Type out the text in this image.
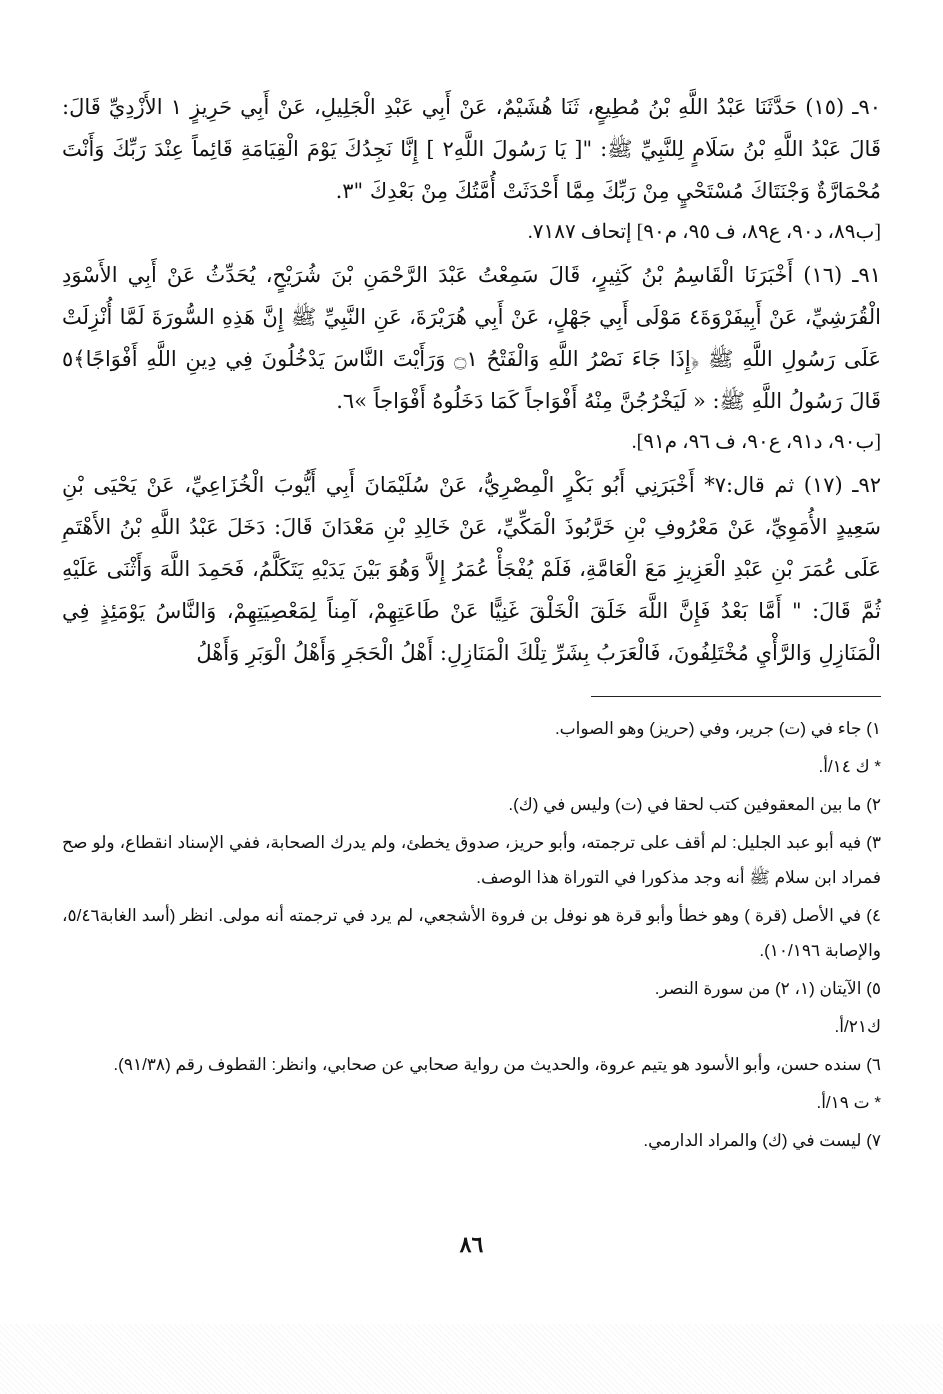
٩٠ـ (١٥) حَدَّثَنَا عَبْدُ اللَّهِ بْنُ مُطِيعٍ، ثَنَا هُشَيْمٌ، عَنْ أَبِي عَبْدِ الْجَلِيلِ، عَنْ أَبِي حَرِيزٍ ١ الأَزْدِيِّ قَالَ: قَالَ عَبْدُ اللَّهِ بْنُ سَلَامٍ لِلنَّبِيِّ ﷺ: "[ يَا رَسُولَ اللَّهِ٢ ] إِنَّا نَجِدُكَ يَوْمَ الْقِيَامَةِ قَائِماً عِنْدَ رَبِّكَ وَأَنْتَ مُحْمَارَّةٌ وَجْنَتَاكَ مُسْتَحْيٍ مِنْ رَبِّكَ مِمَّا أَحْدَثَتْ أُمَّتُكَ مِنْ بَعْدِكَ "٣.

[ب٨٩، د٩٠، ع٨٩، ف ٩٥، م٩٠] إتحاف ٧١٨٧.

٩١ـ (١٦) أَخْبَرَنَا الْقَاسِمُ بْنُ كَثِيرٍ، قَالَ سَمِعْتُ عَبْدَ الرَّحْمَنِ بْنَ شُرَيْحٍ، يُحَدِّثُ عَنْ أَبِي الأَسْوَدِ الْقُرَشِيِّ، عَنْ أَبِيفَرْوَةَ٤ مَوْلَى أَبِي جَهْلٍ، عَنْ أَبِي هُرَيْرَةَ، عَنِ النَّبِيِّ ﷺ إِنَّ هَذِهِ السُّورَةَ لَمَّا أُنْزِلَتْ عَلَى رَسُولِ اللَّهِ ﷺ ﴿إِذَا جَاءَ نَصْرُ اللَّهِ وَالْفَتْحُ ۝١ وَرَأَيْتَ النَّاسَ يَدْخُلُونَ فِي دِينِ اللَّهِ أَفْوَاجًا﴾٥ قَالَ رَسُولُ اللَّهِ ﷺ: « لَيَخْرُجُنَّ مِنْهُ أَفْوَاجاً كَمَا دَخَلُوهُ أَفْوَاجاً »٦.

[ب٩٠، د٩١، ع٩٠، ف ٩٦، م٩١].

٩٢ـ (١٧) ثم قال:٧* أَخْبَرَنِي أَبُو بَكْرٍ الْمِصْرِيُّ، عَنْ سُلَيْمَانَ أَبِي أَيُّوبَ الْخُزَاعِيِّ، عَنْ يَحْيَى بْنِ سَعِيدٍ الأُمَوِيِّ، عَنْ مَعْرُوفِ بْنِ خَرَّبُوذَ الْمَكِّيِّ، عَنْ خَالِدِ بْنِ مَعْدَانَ قَالَ: دَخَلَ عَبْدُ اللَّهِ بْنُ الأَهْتَمِ عَلَى عُمَرَ بْنِ عَبْدِ الْعَزِيزِ مَعَ الْعَامَّةِ، فَلَمْ يُفْجَأْ عُمَرُ إِلاَّ وَهُوَ بَيْنَ يَدَيْهِ يَتَكَلَّمُ، فَحَمِدَ اللَّهَ وَأَثْنَى عَلَيْهِ ثُمَّ قَالَ: " أَمَّا بَعْدُ فَإِنَّ اللَّهَ خَلَقَ الْخَلْقَ غَنِيًّا عَنْ طَاعَتِهِمْ، آمِناً لِمَعْصِيَتِهِمْ، وَالنَّاسُ يَوْمَئِذٍ فِي الْمَنَازِلِ وَالرَّأْيِ مُخْتَلِفُونَ، فَالْعَرَبُ بِشَرِّ تِلْكَ الْمَنَازِلِ: أَهْلُ الْحَجَرِ وَأَهْلُ الْوَبَرِ وَأَهْلُ

١) جاء في (ت) جرير، وفي (حريز) وهو الصواب.

* ك ١٤/أ.

٢) ما بين المعقوفين كتب لحقا في (ت) وليس في (ك).

٣) فيه أبو عبد الجليل: لم أقف على ترجمته، وأبو حريز، صدوق يخطئ، ولم يدرك الصحابة، ففي الإسناد انقطاع، ولو صح فمراد ابن سلام ﷺ أنه وجد مذكورا في التوراة هذا الوصف.

٤) في الأصل (قرة ) وهو خطأ وأبو قرة هو نوفل بن فروة الأشجعي، لم يرد في ترجمته أنه مولى. انظر (أسد الغابة٥/٤٦، والإصابة ١٠/١٩٦).

٥) الآيتان (١، ٢) من سورة النصر.

ك٢١/أ.

٦) سنده حسن، وأبو الأسود هو يتيم عروة، والحديث من رواية صحابي عن صحابي، وانظر: القطوف رقم (٩١/٣٨).

* ت ١٩/أ.

٧) ليست في (ك) والمراد الدارمي.

٨٦
